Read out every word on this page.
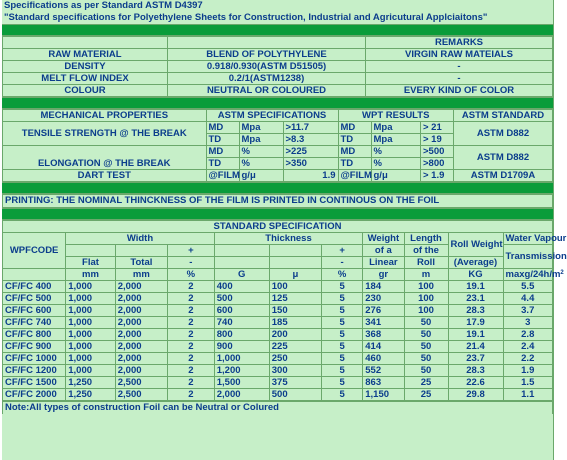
Specifications as per Standard ASTM D4397
"Standard specifications for Polyethylene Sheets for Construction, Industrial and Agricutural Applciaitons"

		REMARKS
RAW MATERIAL	BLEND OF POLYTHYLENE	VIRGIN RAW MATEIALS
DENSITY	0.918/0.930(ASTM D51505)	-
MELT FLOW INDEX	0.2/1(ASTM1238)	-
COLOUR	NEUTRAL OR COLOURED	EVERY KIND OF COLOR
MECHANICAL PROPERTIES	ASTM SPECIFICATIONS			WPT RESULTS			ASTM STANDARD
TENSILE STRENGTH @ THE BREAK	MD	Mpa	>11.7	MD	Mpa	> 21	ASTM D882
	TD	Mpa	>8.3	TD	Mpa	> 19	
ELONGATION @ THE BREAK	MD	%	>225	MD	%	>500	ASTM D882
	TD	%	>350	TD	%	>800	
DART TEST	@FILM	g/μ	1.9	@FILM	g/μ	> 1.9	ASTM D1709A
PRINTING: THE NOMINAL THINCKNESS OF THE FILM IS PRINTED IN CONTINOUS ON THE FOIL
STANDARD SPECIFICATION										
WPFCODE	Width			Thickness			Weight	Length	Roll Weight	Water Vapour
			+			+	of a	of the		Transmission
	Flat	Total	-			-	Linear	Roll	(Average)	
	mm	mm	%	G	μ	%	gr	m	KG	maxg/$24h/m^2$
CF/FC 400	1,000	2,000	2	400	100	5	184	100	19.1	5.5
CF/FC 500	1,000	2,000	2	500	125	5	230	100	23.1	4.4
CF/FC 600	1,000	2,000	2	600	150	5	276	100	28.3	3.7
CF/FC 740	1,000	2,000	2	740	185	5	341	50	17.9	3
CF/FC 800	1,000	2,000	2	800	200	5	368	50	19.1	2.8
CF/FC 900	1,000	2,000	2	900	225	5	414	50	21.4	2.4
CF/FC 1000	1,000	2,000	2	1,000	250	5	460	50	23.7	2.2
CF/FC 1200	1,000	2,000	2	1,200	300	5	552	50	28.3	1.9
CF/FC 1500	1,250	2,500	2	1,500	375	5	863	25	22.6	1.5
CF/FC 2000	1,250	2,500	2	2,000	500	5	1,150	25	29.8	1.1
Note:All types of construction Foil can be Neutral or Colured
